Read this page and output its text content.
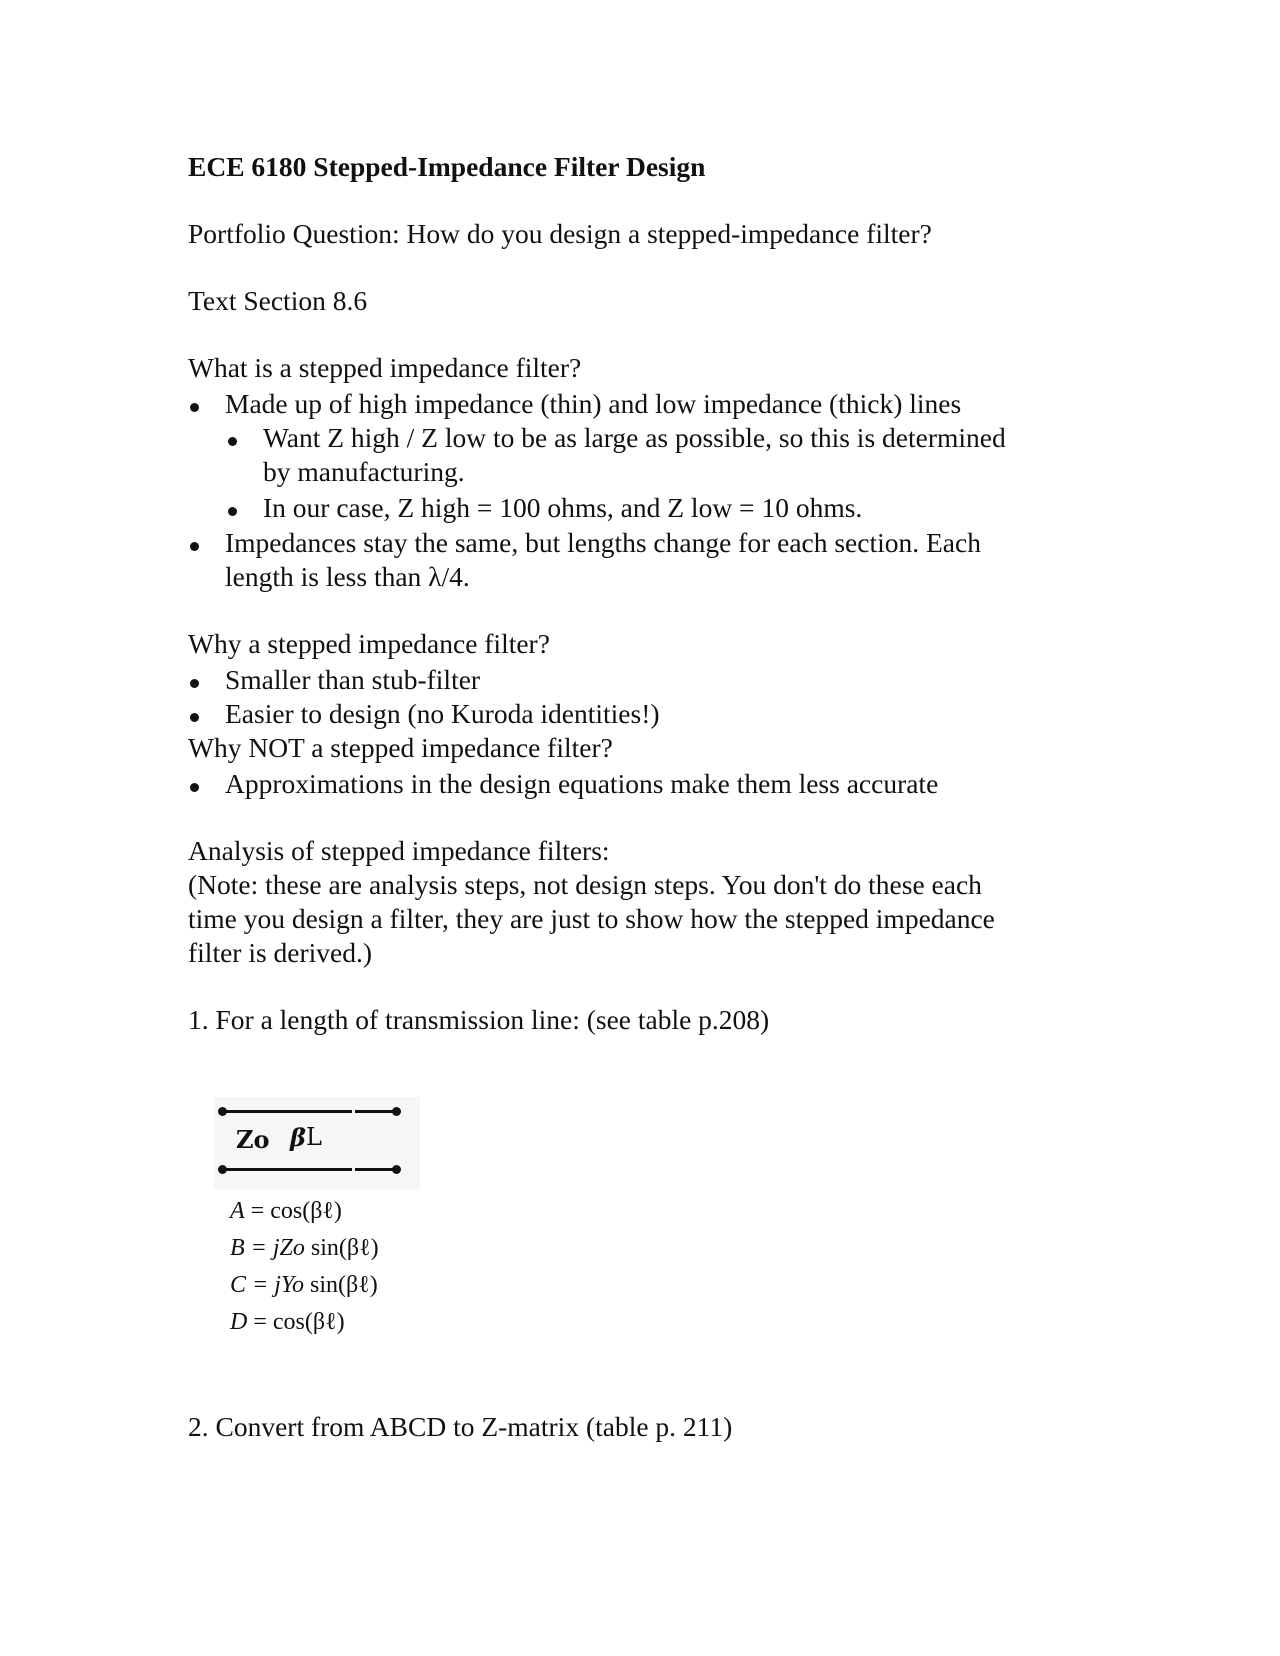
ECE 6180 Stepped-Impedance Filter Design
Portfolio Question: How do you design a stepped-impedance filter?
Text Section 8.6
What is a stepped impedance filter?
Made up of high impedance (thin) and low impedance (thick) lines
Want Z high / Z low to be as large as possible, so this is determined
by manufacturing.
In our case, Z high = 100 ohms, and Z low = 10 ohms.
Impedances stay the same, but lengths change for each section. Each
length is less than λ/4.
Why a stepped impedance filter?
Smaller than stub-filter
Easier to design (no Kuroda identities!)
Why NOT a stepped impedance filter?
Approximations in the design equations make them less accurate
Analysis of stepped impedance filters:
(Note: these are analysis steps, not design steps. You don't do these each
time you design a filter, they are just to show how the stepped impedance
filter is derived.)
1. For a length of transmission line: (see table p.208)
2. Convert from ABCD to Z-matrix (table p. 211)
Zo β L
A = cos(βℓ)
B = jZo sin(βℓ)
C = jYo sin(βℓ)
D = cos(βℓ)
